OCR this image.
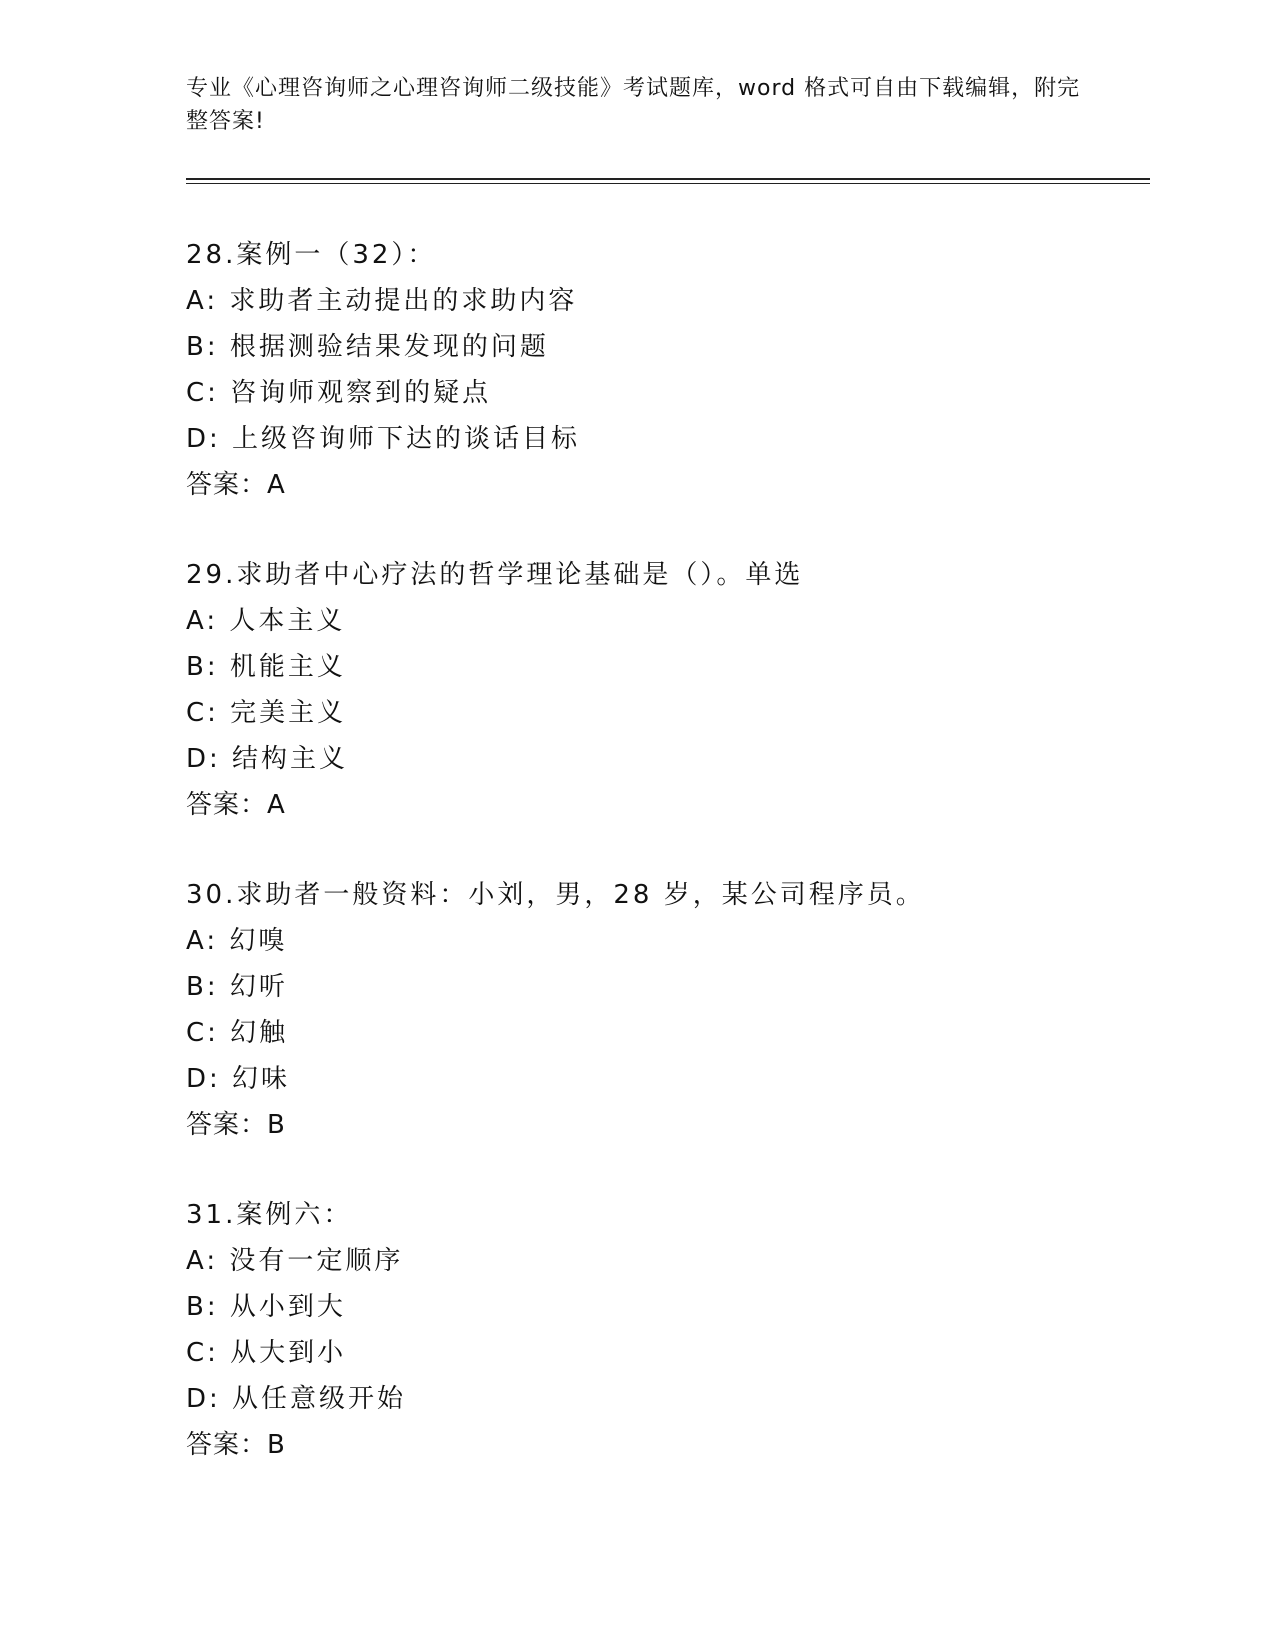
专业《心理咨询师之心理咨询师二级技能》考试题库，word 格式可自由下载编辑，附完整答案!
28.案例一（32）：
A: 求助者主动提出的求助内容
B: 根据测验结果发现的问题
C: 咨询师观察到的疑点
D: 上级咨询师下达的谈话目标
答案：A
29.求助者中心疗法的哲学理论基础是（）。单选
A: 人本主义
B: 机能主义
C: 完美主义
D: 结构主义
答案：A
30.求助者一般资料：小刘，男，28 岁，某公司程序员。
A: 幻嗅
B: 幻听
C: 幻触
D: 幻味
答案：B
31.案例六：
A: 没有一定顺序
B: 从小到大
C: 从大到小
D: 从任意级开始
答案：B
